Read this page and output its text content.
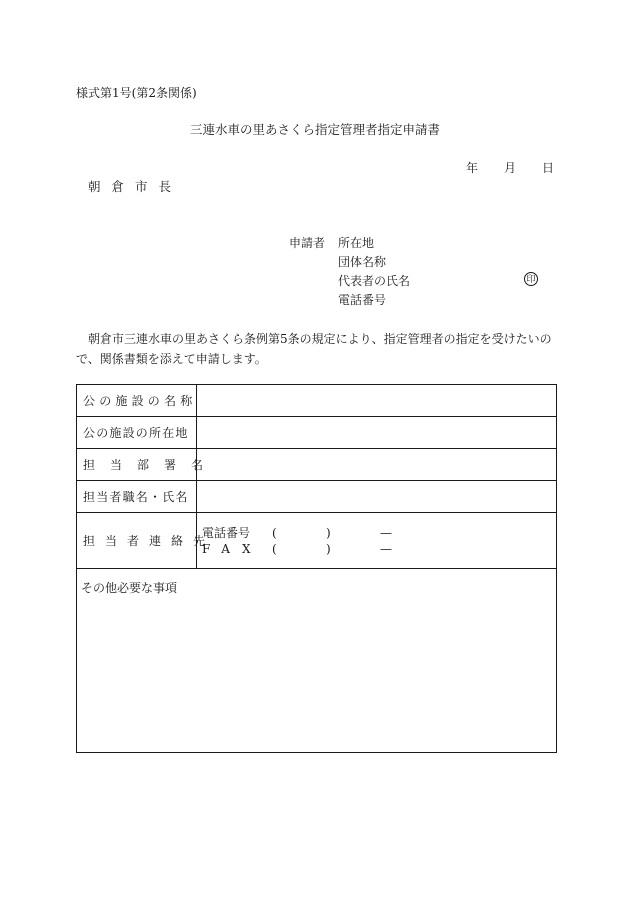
様式第1号(第2条関係)
三連水車の里あさくら指定管理者指定申請書
年 月 日
朝倉市長
申請者 所在地
団体名称
代表者の氏名	印
電話番号
朝倉市三連水車の里あさくら条例第5条の規定により、指定管理者の指定を受けたいので、関係書類を添えて申請します。
公の施設の名称
公の施設の所在地
担当部署名
担当者職名・氏名
担当者連絡先
電話番号 (	)	—
FAX (	)	—
その他必要な事項
